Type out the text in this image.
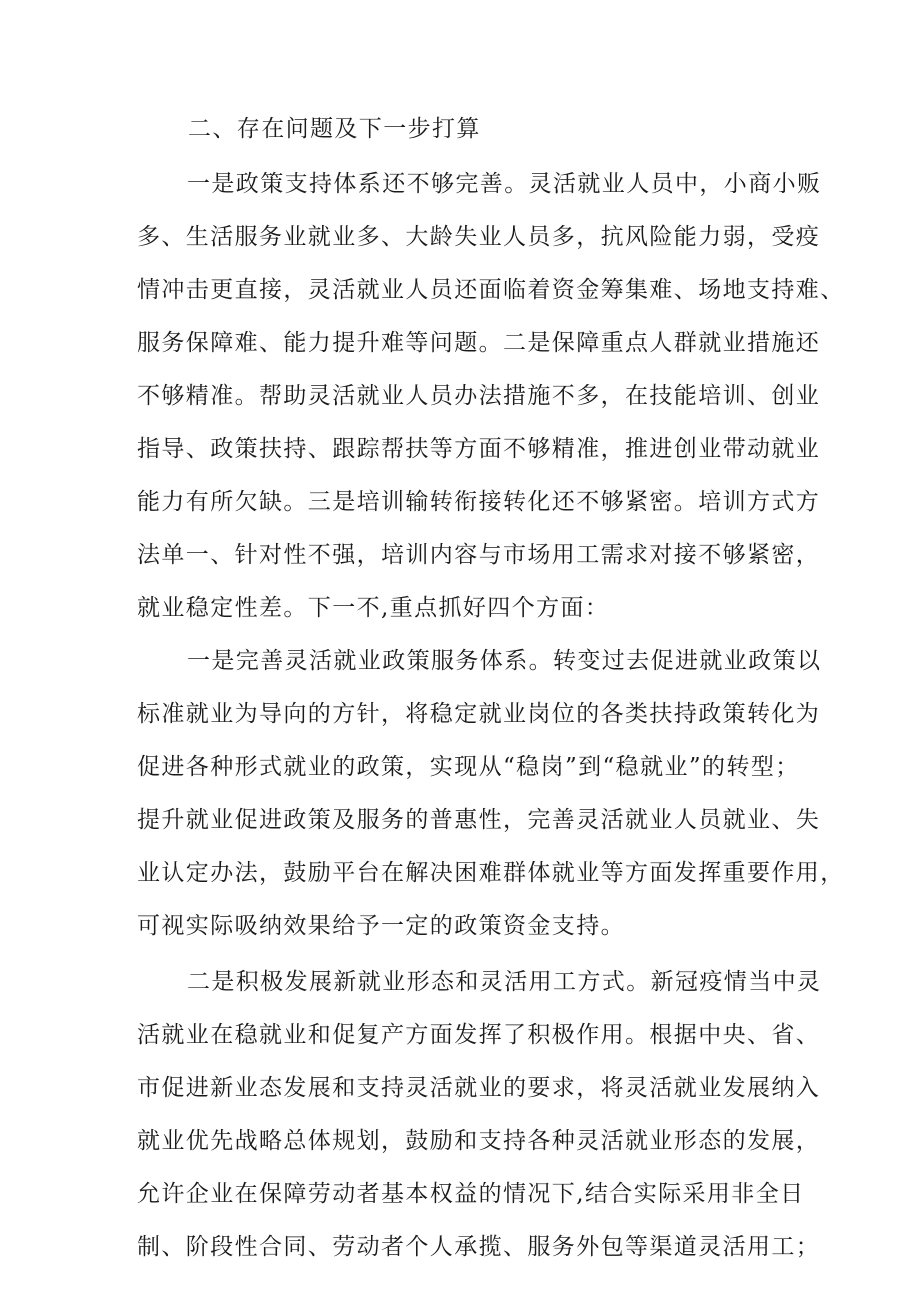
二、存在问题及下一步打算
一是政策支持体系还不够完善。灵活就业人员中，小商小贩
多、生活服务业就业多、大龄失业人员多，抗风险能力弱，受疫
情冲击更直接，灵活就业人员还面临着资金筹集难、场地支持难、
服务保障难、能力提升难等问题。二是保障重点人群就业措施还
不够精准。帮助灵活就业人员办法措施不多，在技能培训、创业
指导、政策扶持、跟踪帮扶等方面不够精准，推进创业带动就业
能力有所欠缺。三是培训输转衔接转化还不够紧密。培训方式方
法单一、针对性不强，培训内容与市场用工需求对接不够紧密，
就业稳定性差。下一不,重点抓好四个方面：
一是完善灵活就业政策服务体系。转变过去促进就业政策以
标准就业为导向的方针，将稳定就业岗位的各类扶持政策转化为
促进各种形式就业的政策，实现从“稳岗”到“稳就业”的转型；
提升就业促进政策及服务的普惠性，完善灵活就业人员就业、失
业认定办法，鼓励平台在解决困难群体就业等方面发挥重要作用，
可视实际吸纳效果给予一定的政策资金支持。
二是积极发展新就业形态和灵活用工方式。新冠疫情当中灵
活就业在稳就业和促复产方面发挥了积极作用。根据中央、省、
市促进新业态发展和支持灵活就业的要求，将灵活就业发展纳入
就业优先战略总体规划，鼓励和支持各种灵活就业形态的发展，
允许企业在保障劳动者基本权益的情况下,结合实际采用非全日
制、阶段性合同、劳动者个人承揽、服务外包等渠道灵活用工；
